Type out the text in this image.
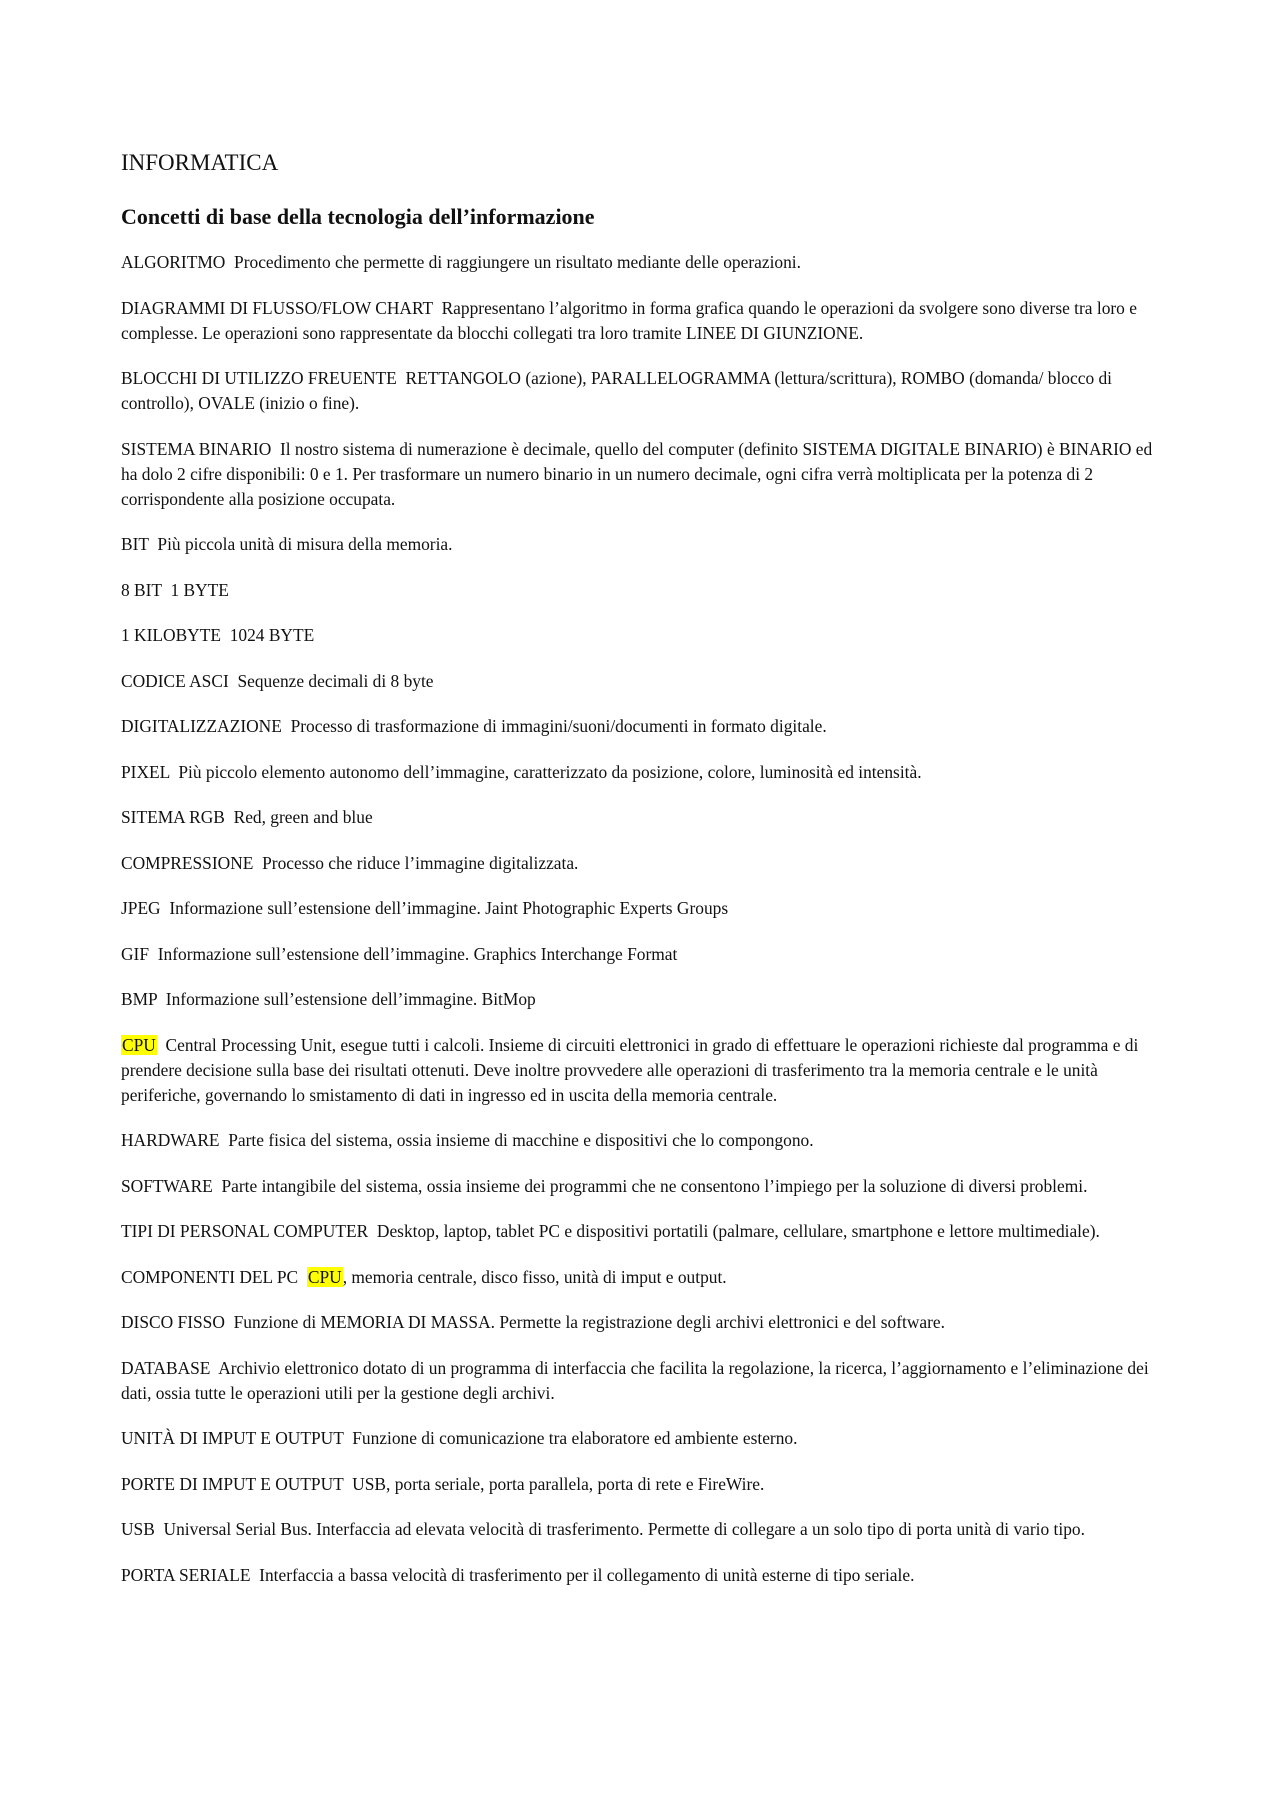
INFORMATICA
Concetti di base della tecnologia dell’informazione
ALGORITMO Procedimento che permette di raggiungere un risultato mediante delle operazioni.
DIAGRAMMI DI FLUSSO/FLOW CHART Rappresentano l’algoritmo in forma grafica quando le operazioni da svolgere sono diverse tra loro e complesse. Le operazioni sono rappresentate da blocchi collegati tra loro tramite LINEE DI GIUNZIONE.
BLOCCHI DI UTILIZZO FREUENTE RETTANGOLO (azione), PARALLELOGRAMMA (lettura/scrittura), ROMBO (domanda/ blocco di controllo), OVALE (inizio o fine).
SISTEMA BINARIO Il nostro sistema di numerazione è decimale, quello del computer (definito SISTEMA DIGITALE BINARIO) è BINARIO ed ha dolo 2 cifre disponibili: 0 e 1. Per trasformare un numero binario in un numero decimale, ogni cifra verrà moltiplicata per la potenza di 2 corrispondente alla posizione occupata.
BIT Più piccola unità di misura della memoria.
8 BIT 1 BYTE
1 KILOBYTE 1024 BYTE
CODICE ASCI Sequenze decimali di 8 byte
DIGITALIZZAZIONE Processo di trasformazione di immagini/suoni/documenti in formato digitale.
PIXEL Più piccolo elemento autonomo dell’immagine, caratterizzato da posizione, colore, luminosità ed intensità.
SITEMA RGB Red, green and blue
COMPRESSIONE Processo che riduce l’immagine digitalizzata.
JPEG Informazione sull’estensione dell’immagine. Jaint Photographic Experts Groups
GIF Informazione sull’estensione dell’immagine. Graphics Interchange Format
BMP Informazione sull’estensione dell’immagine. BitMop
CPU Central Processing Unit, esegue tutti i calcoli. Insieme di circuiti elettronici in grado di effettuare le operazioni richieste dal programma e di prendere decisione sulla base dei risultati ottenuti. Deve inoltre provvedere alle operazioni di trasferimento tra la memoria centrale e le unità periferiche, governando lo smistamento di dati in ingresso ed in uscita della memoria centrale.
HARDWARE Parte fisica del sistema, ossia insieme di macchine e dispositivi che lo compongono.
SOFTWARE Parte intangibile del sistema, ossia insieme dei programmi che ne consentono l’impiego per la soluzione di diversi problemi.
TIPI DI PERSONAL COMPUTER Desktop, laptop, tablet PC e dispositivi portatili (palmare, cellulare, smartphone e lettore multimediale).
COMPONENTI DEL PC CPU, memoria centrale, disco fisso, unità di imput e output.
DISCO FISSO Funzione di MEMORIA DI MASSA. Permette la registrazione degli archivi elettronici e del software.
DATABASE Archivio elettronico dotato di un programma di interfaccia che facilita la regolazione, la ricerca, l’aggiornamento e l’eliminazione dei dati, ossia tutte le operazioni utili per la gestione degli archivi.
UNITÀ DI IMPUT E OUTPUT Funzione di comunicazione tra elaboratore ed ambiente esterno.
PORTE DI IMPUT E OUTPUT USB, porta seriale, porta parallela, porta di rete e FireWire.
USB Universal Serial Bus. Interfaccia ad elevata velocità di trasferimento. Permette di collegare a un solo tipo di porta unità di vario tipo.
PORTA SERIALE Interfaccia a bassa velocità di trasferimento per il collegamento di unità esterne di tipo seriale.
